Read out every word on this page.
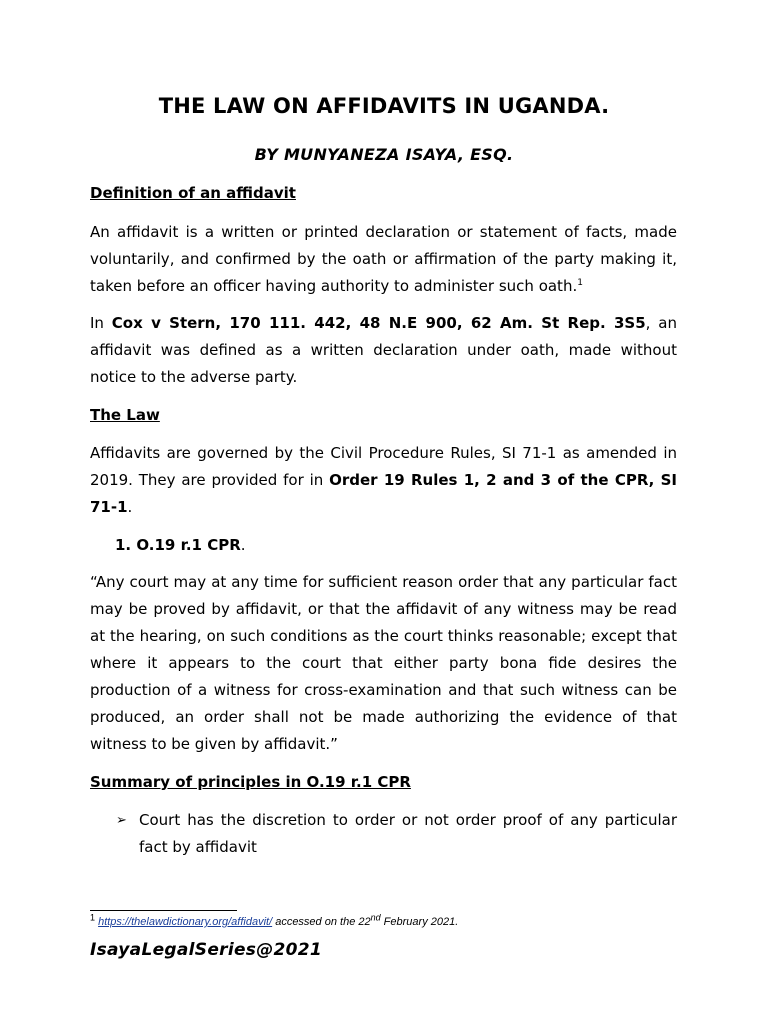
THE LAW ON AFFIDAVITS IN UGANDA.
BY MUNYANEZA ISAYA, ESQ.
Definition of an affidavit
An affidavit is a written or printed declaration or statement of facts, made voluntarily, and confirmed by the oath or affirmation of the party making it, taken before an officer having authority to administer such oath.$^1$
In Cox v Stern, 170 111. 442, 48 N.E 900, 62 Am. St Rep. 3S5, an affidavit was defined as a written declaration under oath, made without notice to the adverse party.
The Law
Affidavits are governed by the Civil Procedure Rules, SI 71-1 as amended in 2019. They are provided for in Order 19 Rules 1, 2 and 3 of the CPR, SI 71-1.
1. O.19 r.1 CPR.
“Any court may at any time for sufficient reason order that any particular fact may be proved by affidavit, or that the affidavit of any witness may be read at the hearing, on such conditions as the court thinks reasonable; except that where it appears to the court that either party bona fide desires the production of a witness for cross-examination and that such witness can be produced, an order shall not be made authorizing the evidence of that witness to be given by affidavit.”
Summary of principles in O.19 r.1 CPR
➢ Court has the discretion to order or not order proof of any particular fact by affidavit
$^1$ https://thelawdictionary.org/affidavit/ accessed on the 22nd February 2021.
IsayaLegalSeries@2021
